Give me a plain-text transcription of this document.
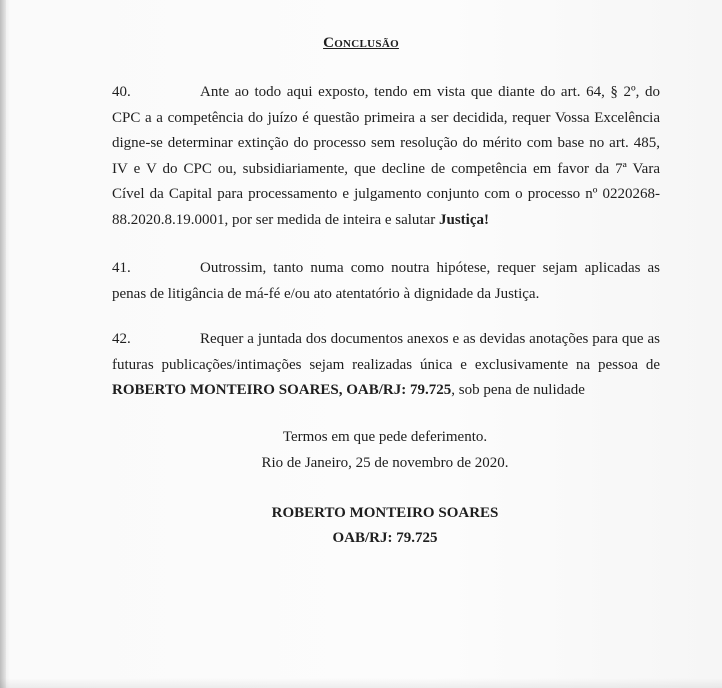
Conclusão
40.	Ante ao todo aqui exposto, tendo em vista que diante do art. 64, § 2º, do CPC a a competência do juízo é questão primeira a ser decidida, requer Vossa Excelência digne-se determinar extinção do processo sem resolução do mérito com base no art. 485, IV e V do CPC ou, subsidiariamente, que decline de competência em favor da 7ª Vara Cível da Capital para processamento e julgamento conjunto com o processo nº 0220268-88.2020.8.19.0001, por ser medida de inteira e salutar Justiça!
41.	Outrossim, tanto numa como noutra hipótese, requer sejam aplicadas as penas de litigância de má-fé e/ou ato atentatório à dignidade da Justiça.
42.	Requer a juntada dos documentos anexos e as devidas anotações para que as futuras publicações/intimações sejam realizadas única e exclusivamente na pessoa de ROBERTO MONTEIRO SOARES, OAB/RJ: 79.725, sob pena de nulidade
Termos em que pede deferimento.
Rio de Janeiro, 25 de novembro de 2020.
ROBERTO MONTEIRO SOARES
OAB/RJ: 79.725
